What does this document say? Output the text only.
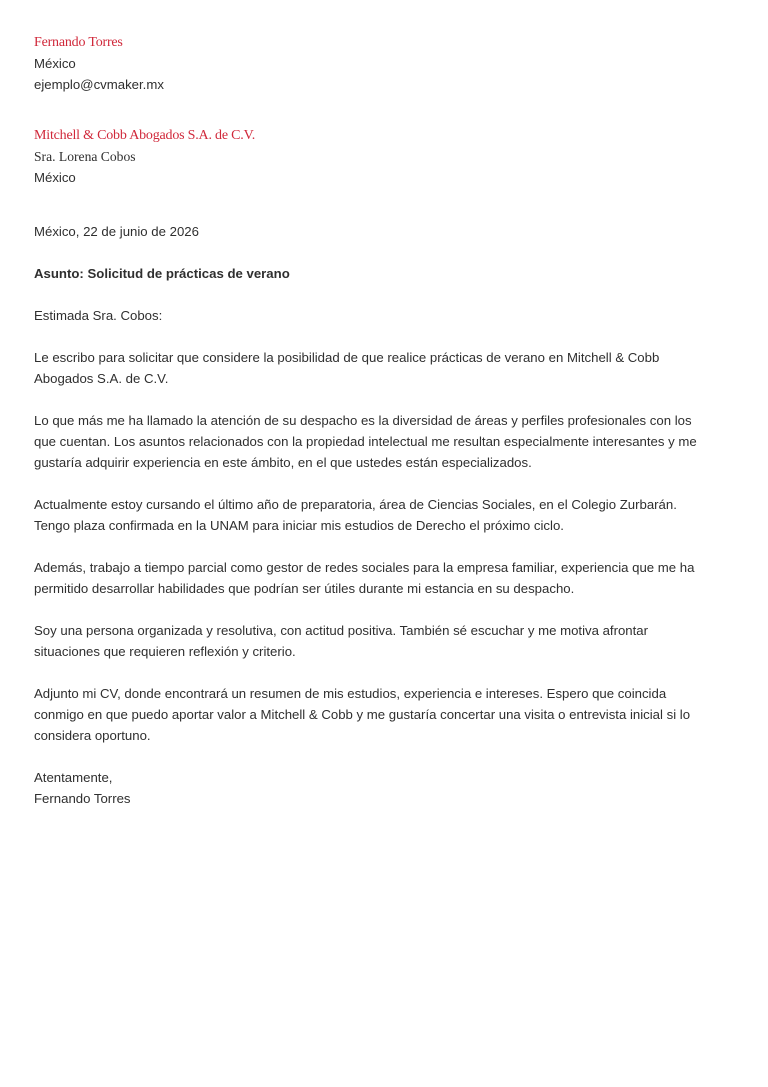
Fernando Torres
México
ejemplo@cvmaker.mx
Mitchell & Cobb Abogados S.A. de C.V.
Sra. Lorena Cobos
México
México, 22 de junio de 2026
Asunto: Solicitud de prácticas de verano
Estimada Sra. Cobos:

Le escribo para solicitar que considere la posibilidad de que realice prácticas de verano en Mitchell & Cobb Abogados S.A. de C.V.

Lo que más me ha llamado la atención de su despacho es la diversidad de áreas y perfiles profesionales con los que cuentan. Los asuntos relacionados con la propiedad intelectual me resultan especialmente interesantes y me gustaría adquirir experiencia en este ámbito, en el que ustedes están especializados.

Actualmente estoy cursando el último año de preparatoria, área de Ciencias Sociales, en el Colegio Zurbarán. Tengo plaza confirmada en la UNAM para iniciar mis estudios de Derecho el próximo ciclo.

Además, trabajo a tiempo parcial como gestor de redes sociales para la empresa familiar, experiencia que me ha permitido desarrollar habilidades que podrían ser útiles durante mi estancia en su despacho.

Soy una persona organizada y resolutiva, con actitud positiva. También sé escuchar y me motiva afrontar situaciones que requieren reflexión y criterio.

Adjunto mi CV, donde encontrará un resumen de mis estudios, experiencia e intereses. Espero que coincida conmigo en que puedo aportar valor a Mitchell & Cobb y me gustaría concertar una visita o entrevista inicial si lo considera oportuno.

Atentamente,
Fernando Torres
